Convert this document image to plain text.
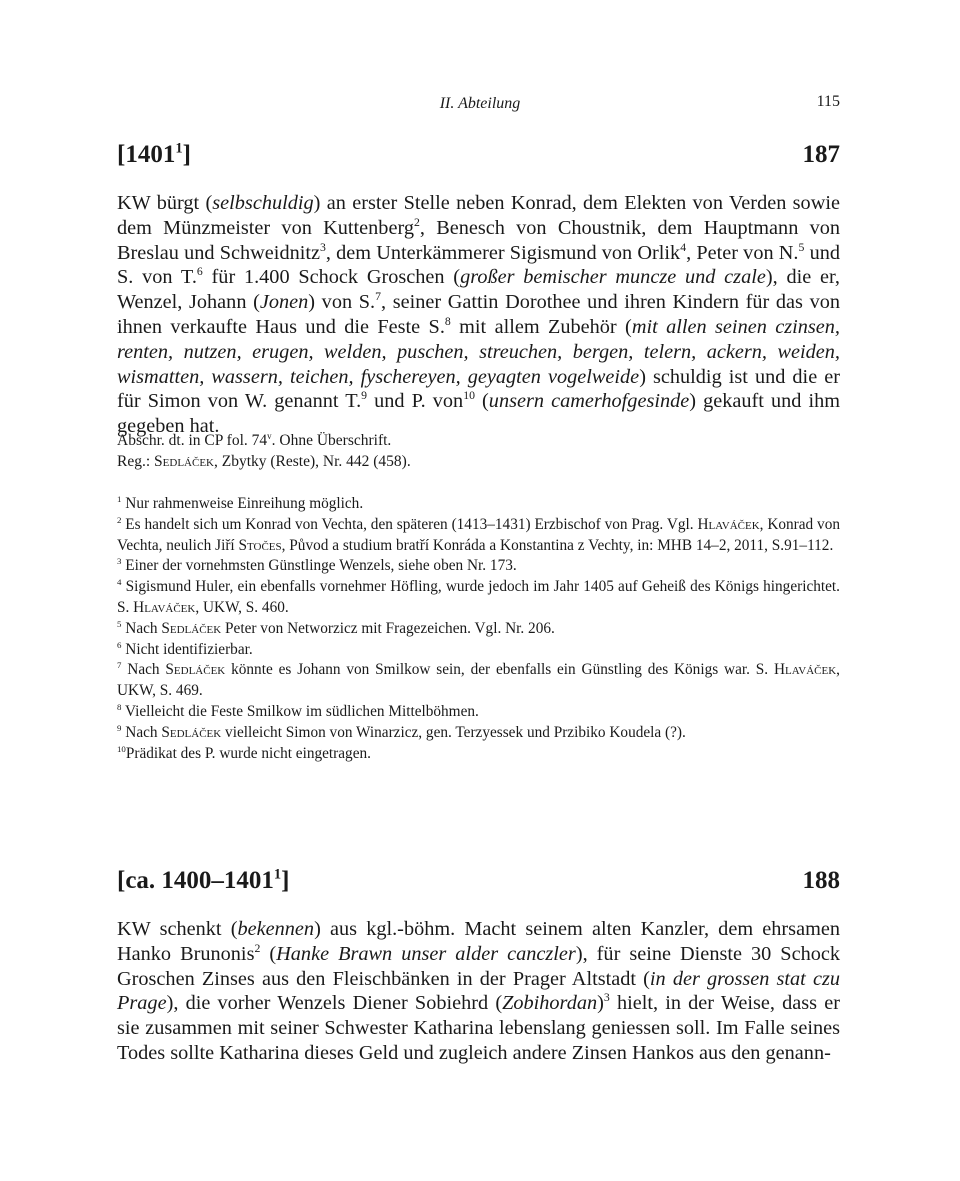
II. Abteilung	115
[1401$^1$]	187

KW bürgt (selbschuldig) an erster Stelle neben Konrad, dem Elekten von Verden sowie dem Münzmeister von Kuttenberg$^2$, Benesch von Choustnik, dem Hauptmann von Breslau und Schweidnitz$^3$, dem Unterkämmerer Sigismund von Orlik$^4$, Peter von N.$^5$ und S. von T.$^6$ für 1.400 Schock Groschen (großer bemischer muncze und czale), die er, Wenzel, Johann (Jonen) von S.$^7$, seiner Gattin Dorothee und ihren Kindern für das von ihnen verkaufte Haus und die Feste S.$^8$ mit allem Zubehör (mit allen seinen czinsen, renten, nutzen, erugen, welden, puschen, streuchen, bergen, telern, ackern, weiden, wismatten, wassern, teichen, fyschereyen, geyagten vogelweide) schuldig ist und die er für Simon von W. genannt T.$^9$ und P. von$^{10}$ (unsern camerhofgesinde) gekauft und ihm gegeben hat.

Abschr. dt. in CP fol. 74$^v$. Ohne Überschrift.
Reg.: Sedláček, Zbytky (Reste), Nr. 442 (458).
$^1$ Nur rahmenweise Einreihung möglich.
$^2$ Es handelt sich um Konrad von Vechta, den späteren (1413–1431) Erzbischof von Prag. Vgl. Hlaváček, Konrad von Vechta, neulich Jiří Stočes, Původ a studium bratří Konráda a Konstantina z Vechty, in: MHB 14–2, 2011, S.91–112.
$^3$ Einer der vornehmsten Günstlinge Wenzels, siehe oben Nr. 173.
$^4$ Sigismund Huler, ein ebenfalls vornehmer Höfling, wurde jedoch im Jahr 1405 auf Geheiß des Königs hingerichtet. S. Hlaváček, UKW, S. 460.
$^5$ Nach Sedláček Peter von Networzicz mit Fragezeichen. Vgl. Nr. 206.
$^6$ Nicht identifizierbar.
$^7$ Nach Sedláček könnte es Johann von Smilkow sein, der ebenfalls ein Günstling des Königs war. S. Hlaváček, UKW, S. 469.
$^8$ Vielleicht die Feste Smilkow im südlichen Mittelböhmen.
$^9$ Nach Sedláček vielleicht Simon von Winarzicz, gen. Terzyessek und Przibiko Koudela (?).
$^{10}$Prädikat des P. wurde nicht eingetragen.
[ca. 1400–1401$^1$]	188

KW schenkt (bekennen) aus kgl.-böhm. Macht seinem alten Kanzler, dem ehrsamen Hanko Brunonis$^2$ (Hanke Brawn unser alder canczler), für seine Dienste 30 Schock Groschen Zinses aus den Fleischbänken in der Prager Altstadt (in der grossen stat czu Prage), die vorher Wenzels Diener Sobiehrd (Zobihordan)$^3$ hielt, in der Weise, dass er sie zusammen mit seiner Schwester Katharina lebenslang geniessen soll. Im Falle seines Todes sollte Katharina dieses Geld und zugleich andere Zinsen Hankos aus den genann-
